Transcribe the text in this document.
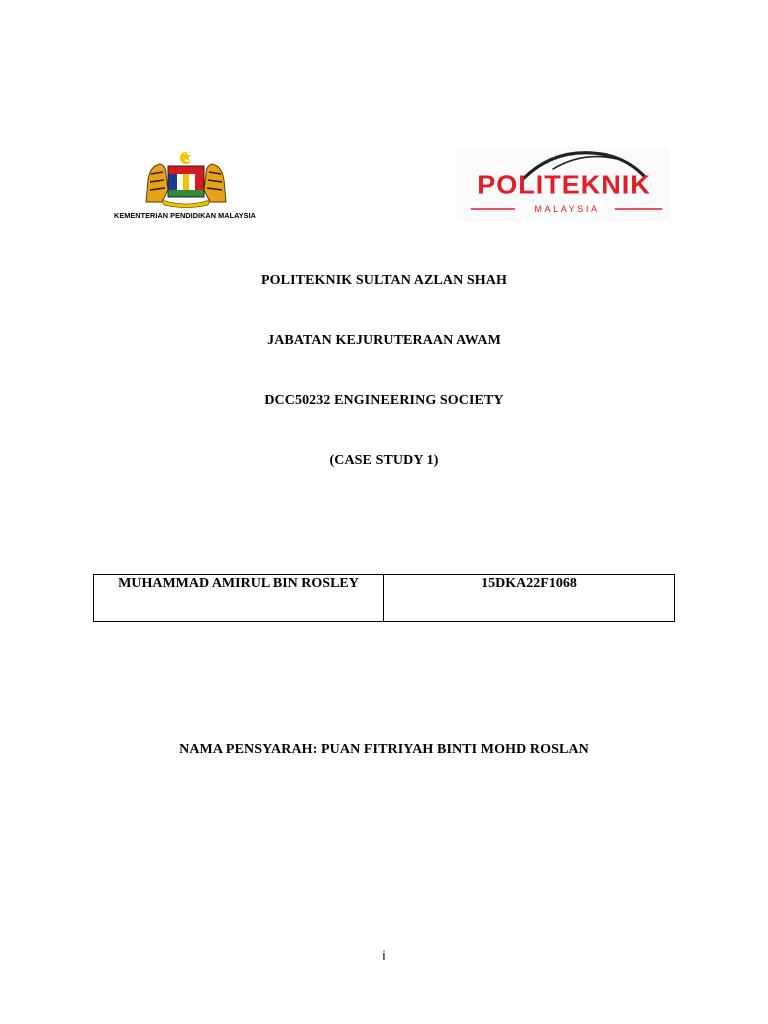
KEMENTERIAN PENDIDIKAN MALAYSIA
POLITEKNIK
MALAYSIA
POLITEKNIK SULTAN AZLAN SHAH
JABATAN KEJURUTERAAN AWAM
DCC50232 ENGINEERING SOCIETY
(CASE STUDY 1)
MUHAMMAD AMIRUL BIN ROSLEY	15DKA22F1068
NAMA PENSYARAH: PUAN FITRIYAH BINTI MOHD ROSLAN
i
